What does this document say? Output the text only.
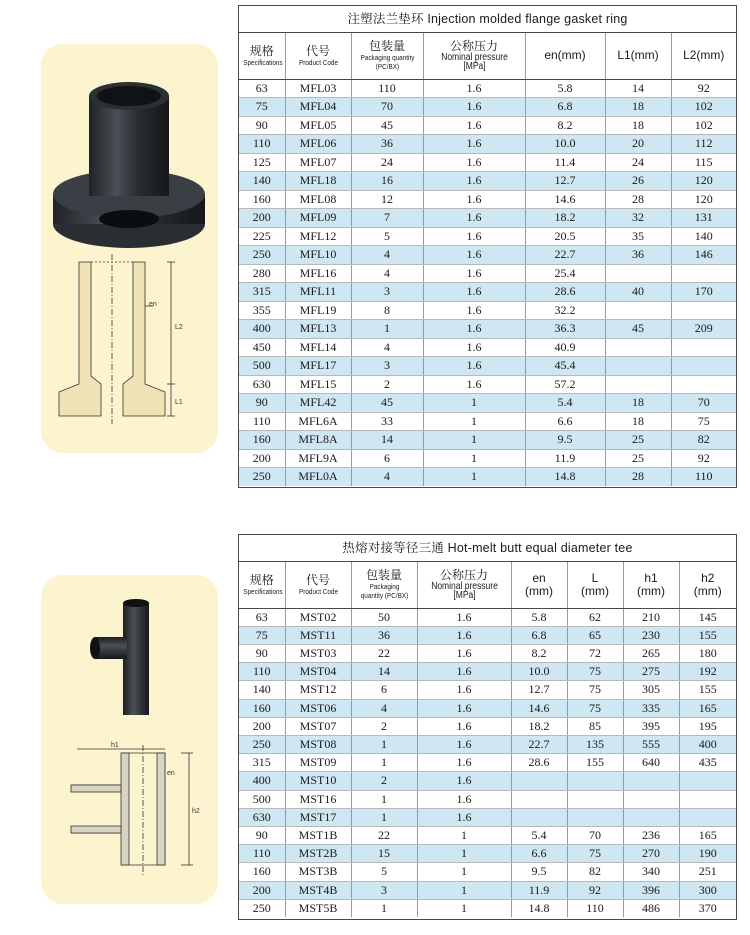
en
L2
L1
注塑法兰垫环 Injection molded flange gasket ring
规格
Specifications	代号
Product Code	包装量
Packaging quantity (PC/BX)	公称压力
Nominal pressure [MPa]	en(mm)	L1(mm)	L2(mm)

63	MFL03	110	1.6	5.8	14	92
75	MFL04	70	1.6	6.8	18	102
90	MFL05	45	1.6	8.2	18	102
110	MFL06	36	1.6	10.0	20	112
125	MFL07	24	1.6	11.4	24	115
140	MFL18	16	1.6	12.7	26	120
160	MFL08	12	1.6	14.6	28	120
200	MFL09	7	1.6	18.2	32	131
225	MFL12	5	1.6	20.5	35	140
250	MFL10	4	1.6	22.7	36	146
280	MFL16	4	1.6	25.4		
315	MFL11	3	1.6	28.6	40	170
355	MFL19	8	1.6	32.2		
400	MFL13	1	1.6	36.3	45	209
450	MFL14	4	1.6	40.9		
500	MFL17	3	1.6	45.4		
630	MFL15	2	1.6	57.2		
90	MFL42	45	1	5.4	18	70
110	MFL6A	33	1	6.6	18	75
160	MFL8A	14	1	9.5	25	82
200	MFL9A	6	1	11.9	25	92
250	MFL0A	4	1	14.8	28	110
h1
h2
en
热熔对接等径三通 Hot-melt butt equal diameter tee
规格
Specifications	代号
Product Code	包装量
Packaging quantity (PC/BX)	公称压力
Nominal pressure [MPa]	en
(mm)	L
(mm)	h1
(mm)	h2
(mm)

63	MST02	50	1.6	5.8	62	210	145
75	MST11	36	1.6	6.8	65	230	155
90	MST03	22	1.6	8.2	72	265	180
110	MST04	14	1.6	10.0	75	275	192
140	MST12	6	1.6	12.7	75	305	155
160	MST06	4	1.6	14.6	75	335	165
200	MST07	2	1.6	18.2	85	395	195
250	MST08	1	1.6	22.7	135	555	400
315	MST09	1	1.6	28.6	155	640	435
400	MST10	2	1.6				
500	MST16	1	1.6				
630	MST17	1	1.6				
90	MST1B	22	1	5.4	70	236	165
110	MST2B	15	1	6.6	75	270	190
160	MST3B	5	1	9.5	82	340	251
200	MST4B	3	1	11.9	92	396	300
250	MST5B	1	1	14.8	110	486	370
